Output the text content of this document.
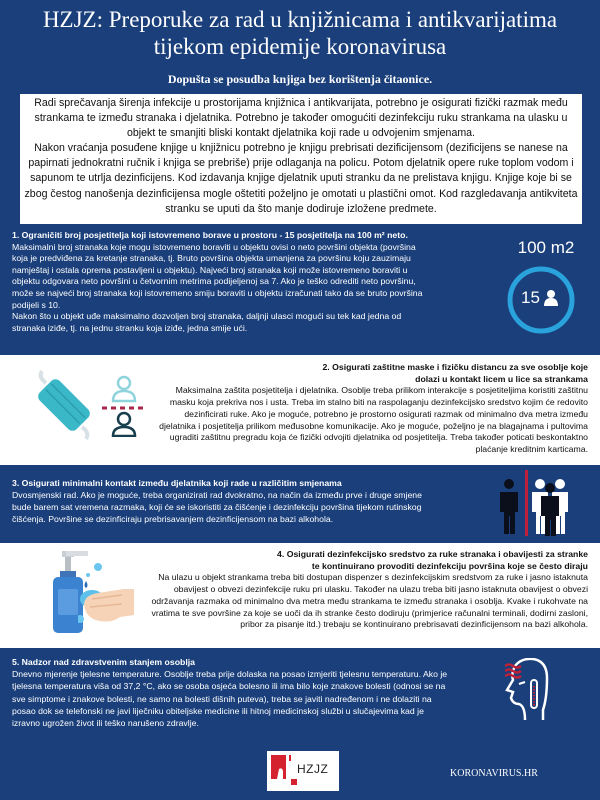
HZJZ: Preporuke za rad u knjižnicama i antikvarijatima
tijekom epidemije koronavirusa
Dopušta se posudba knjiga bez korištenja čitaonice.

Radi sprečavanja širenja infekcije u prostorijama knjižnica i antikvarijata, potrebno je osigurati fizički razmak među strankama te između stranaka i djelatnika. Potrebno je također omogućiti dezinfekciju ruku strankama na ulasku u objekt te smanjiti bliski kontakt djelatnika koji rade u odvojenim smjenama.

Nakon vraćanja posuđene knjige u knjižnicu potrebno je knjigu prebrisati dezificijensom (dezificijens se nanese na papirnati jednokratni ručnik i knjiga se prebriše) prije odlaganja na policu. Potom djelatnik opere ruke toplom vodom i sapunom te utrlja dezinficijens. Kod izdavanja knjige djelatnik uputi stranku da ne prelistava knjigu. Knjige koje bi se zbog čestog nanošenja dezinficijensa mogle oštetiti poželjno je omotati u plastični omot. Kod razgledavanja antikviteta stranku se uputi da što manje dodiruje izložene predmete.

1. Ograničiti broj posjetitelja koji istovremeno borave u prostoru - 15 posjetitelja na 100 m² neto.
Maksimalni broj stranaka koje mogu istovremeno boraviti u objektu ovisi o neto površini objekta (površina koja je predviđena za kretanje stranaka, tj. Bruto površina objekta umanjena za površinu koju zauzimaju namještaj i ostala oprema postavljeni u objektu). Najveći broj stranaka koji može istovremeno boraviti u objektu odgovara neto površini u četvornim metrima podijeljenoj sa 7. Ako je teško odrediti neto površinu, može se najveći broj stranaka koji istovremeno smiju boraviti u objektu izračunati tako da se bruto površina podijeli s 10.
Nakon što u objekt uđe maksimalno dozvoljen broj stranaka, daljnji ulasci mogući su tek kad jedna od stranaka iziđe, tj. na jednu stranku koja iziđe, jedna smije ući.
100 m2
15
2. Osigurati zaštitne maske i fizičku distancu za sve osoblje koje
dolazi u kontakt licem u lice sa strankama
Maksimalna zaštita posjetitelja i djelatnika. Osoblje treba prilikom interakcije s posjetiteljima koristiti zaštitnu masku koja prekriva nos i usta. Treba im stalno biti na raspolaganju dezinfekcijsko sredstvo kojim će redovito dezinficirati ruke. Ako je moguće, potrebno je prostorno osigurati razmak od minimalno dva metra između djelatnika i posjetitelja prilikom međusobne komunikacije. Ako je moguće, poželjno je na blagajnama i pultovima ugraditi zaštitnu pregradu koja će fizički odvojiti djelatnika od posjetitelja. Treba također poticati beskontaktno plaćanje kreditnim karticama.
3. Osigurati minimalni kontakt između djelatnika koji rade u različitim smjenama
Dvosmjenski rad. Ako je moguće, treba organizirati rad dvokratno, na način da između prve i druge smjene bude barem sat vremena razmaka, koji će se iskoristiti za čišćenje i dezinfekciju površina tijekom rutinskog čišćenja. Površine se dezinficiraju prebrisavanjem dezinficijensom na bazi alkohola.
4. Osigurati dezinfekcijsko sredstvo za ruke stranaka i obavijesti za stranke
te kontinuirano provoditi dezinfekciju površina koje se često diraju
Na ulazu u objekt strankama treba biti dostupan dispenzer s dezinfekcijskim sredstvom za ruke i jasno istaknuta obavijest o obvezi dezinfekcije ruku pri ulasku. Također na ulazu treba biti jasno istaknuta obavijest o obvezi održavanja razmaka od minimalno dva metra među strankama te između stranaka i osoblja. Kvake i rukohvate na vratima te sve površine za koje se uoči da ih stranke često dodiruju (primjerice računalni terminali, dodirni zasloni, pribor za pisanje itd.) trebaju se kontinuirano prebrisavati dezinficijensom na bazi alkohola.
5. Nadzor nad zdravstvenim stanjem osoblja
Dnevno mjerenje tjelesne temperature. Osoblje treba prije dolaska na posao izmjeriti tjelesnu temperaturu. Ako je tjelesna temperatura viša od 37,2 °C, ako se osoba osjeća bolesno ili ima bilo koje znakove bolesti (odnosi se na sve simptome i znakove bolesti, ne samo na bolesti dišnih puteva), treba se javiti nadređenom i ne dolaziti na posao dok se telefonski ne javi liječniku obiteljske medicine ili hitnoj medicinskoj službi u slučajevima kad je izravno ugrožen život ili teško narušeno zdravlje.
HZJZ	KORONAVIRUS.HR
